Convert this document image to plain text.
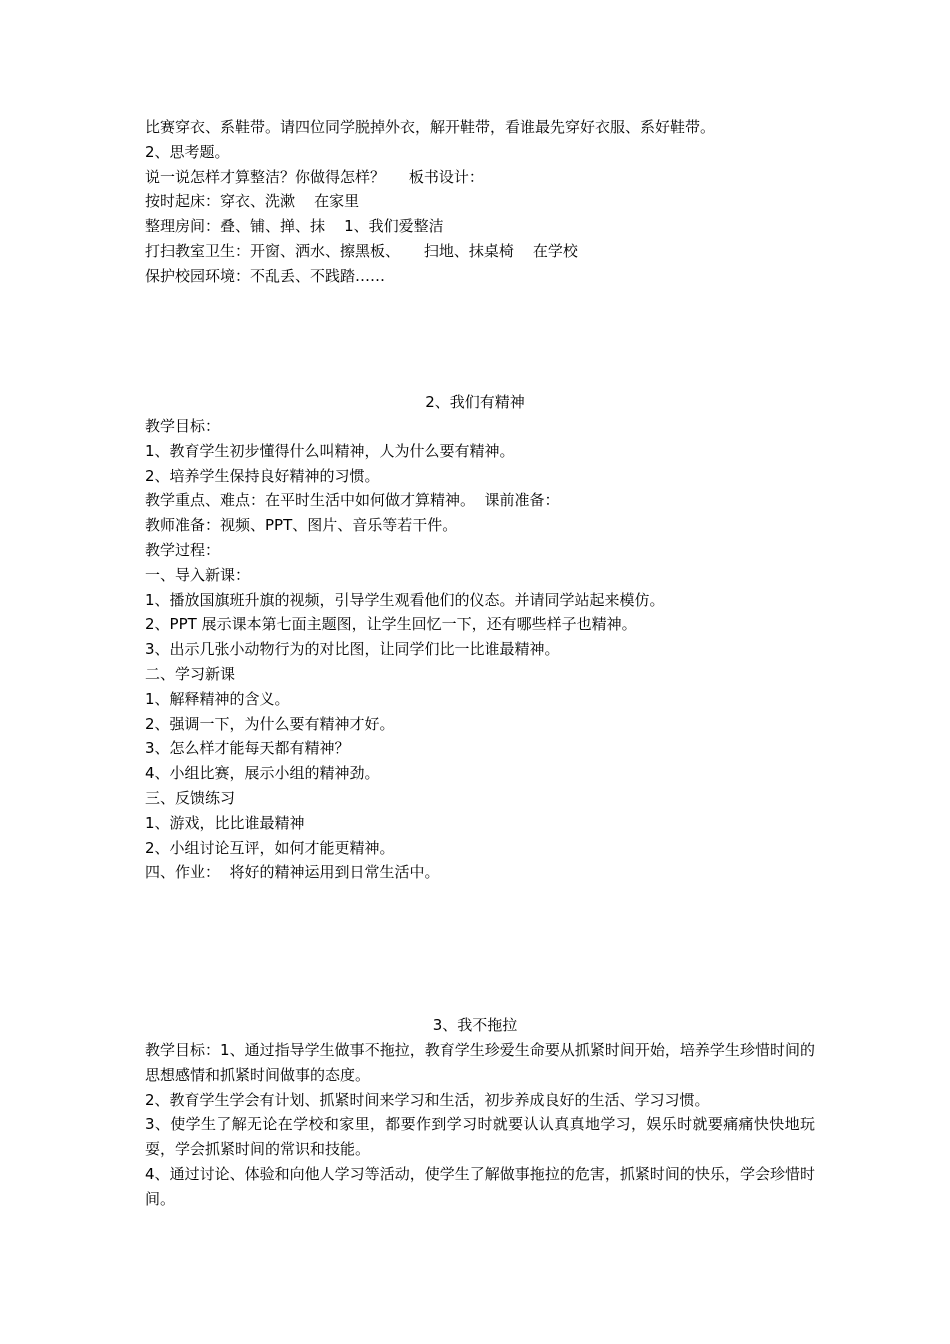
比赛穿衣、系鞋带。请四位同学脱掉外衣，解开鞋带，看谁最先穿好衣服、系好鞋带。
2、思考题。
说一说怎样才算整洁？你做得怎样？     板书设计：
按时起床：穿衣、洗漱    在家里
整理房间：叠、铺、掸、抹    1、我们爱整洁
打扫教室卫生：开窗、洒水、擦黑板、     扫地、抹桌椅    在学校
保护校园环境：不乱丢、不践踏……
2、我们有精神
教学目标：
1、教育学生初步懂得什么叫精神，人为什么要有精神。
2、培养学生保持良好精神的习惯。
教学重点、难点：在平时生活中如何做才算精神。  课前准备：
教师准备：视频、PPT、图片、音乐等若干件。
教学过程：
一、导入新课：
1、播放国旗班升旗的视频，引导学生观看他们的仪态。并请同学站起来模仿。
2、PPT 展示课本第七面主题图，让学生回忆一下，还有哪些样子也精神。
3、出示几张小动物行为的对比图，让同学们比一比谁最精神。
二、学习新课
1、解释精神的含义。
2、强调一下，为什么要有精神才好。
3、怎么样才能每天都有精神？
4、小组比赛，展示小组的精神劲。
三、反馈练习
1、游戏，比比谁最精神
2、小组讨论互评，如何才能更精神。
四、作业：  将好的精神运用到日常生活中。
3、我不拖拉
教学目标：1、通过指导学生做事不拖拉，教育学生珍爱生命要从抓紧时间开始，培养学生珍惜时间的思想感情和抓紧时间做事的态度。
2、教育学生学会有计划、抓紧时间来学习和生活，初步养成良好的生活、学习习惯。
3、使学生了解无论在学校和家里，都要作到学习时就要认认真真地学习，娱乐时就要痛痛快快地玩耍，学会抓紧时间的常识和技能。
4、通过讨论、体验和向他人学习等活动，使学生了解做事拖拉的危害，抓紧时间的快乐，学会珍惜时间。
